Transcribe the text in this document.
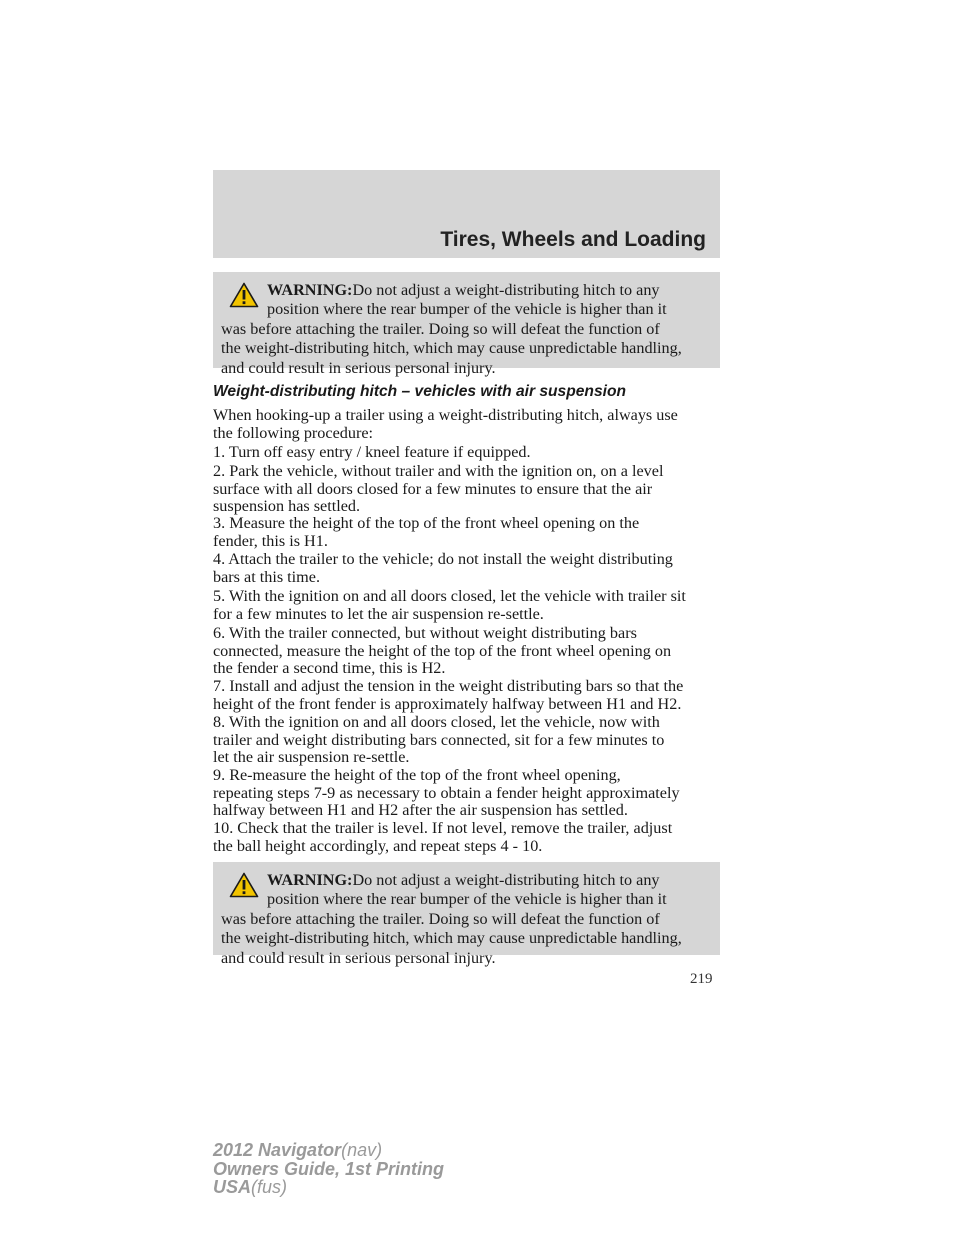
Tires, Wheels and Loading
WARNING:Do not adjust a weight-distributing hitch to any
position where the rear bumper of the vehicle is higher than it
was before attaching the trailer. Doing so will defeat the function of
the weight-distributing hitch, which may cause unpredictable handling,
and could result in serious personal injury.
Weight-distributing hitch – vehicles with air suspension
When hooking-up a trailer using a weight-distributing hitch, always use
the following procedure:
1. Turn off easy entry / kneel feature if equipped.
2. Park the vehicle, without trailer and with the ignition on, on a level
surface with all doors closed for a few minutes to ensure that the air
suspension has settled.
3. Measure the height of the top of the front wheel opening on the
fender, this is H1.
4. Attach the trailer to the vehicle; do not install the weight distributing
bars at this time.
5. With the ignition on and all doors closed, let the vehicle with trailer sit
for a few minutes to let the air suspension re-settle.
6. With the trailer connected, but without weight distributing bars
connected, measure the height of the top of the front wheel opening on
the fender a second time, this is H2.
7. Install and adjust the tension in the weight distributing bars so that the
height of the front fender is approximately halfway between H1 and H2.
8. With the ignition on and all doors closed, let the vehicle, now with
trailer and weight distributing bars connected, sit for a few minutes to
let the air suspension re-settle.
9. Re-measure the height of the top of the front wheel opening,
repeating steps 7-9 as necessary to obtain a fender height approximately
halfway between H1 and H2 after the air suspension has settled.
10. Check that the trailer is level. If not level, remove the trailer, adjust
the ball height accordingly, and repeat steps 4 - 10.
WARNING:Do not adjust a weight-distributing hitch to any
position where the rear bumper of the vehicle is higher than it
was before attaching the trailer. Doing so will defeat the function of
the weight-distributing hitch, which may cause unpredictable handling,
and could result in serious personal injury.
219
2012 Navigator(nav)
Owners Guide, 1st Printing
USA(fus)
